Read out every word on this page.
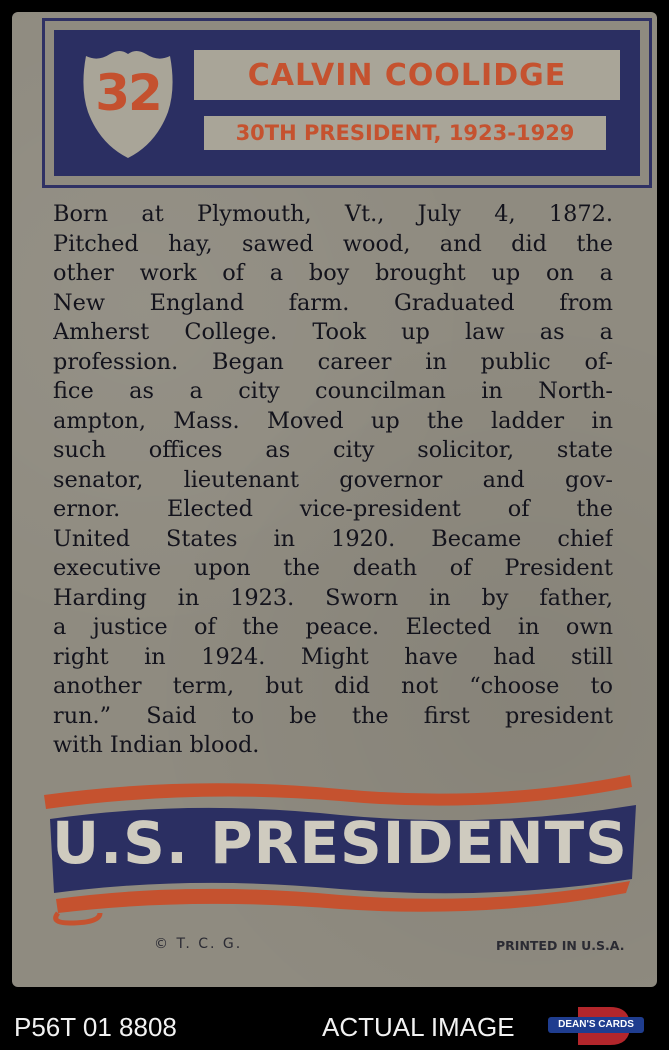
32	CALVIN COOLIDGE
30TH PRESIDENT, 1923-1929
Born at Plymouth, Vt., July 4, 1872.
Pitched hay, sawed wood, and did the
other work of a boy brought up on a
New England farm. Graduated from
Amherst College. Took up law as a
profession. Began career in public of-
fice as a city councilman in North-
ampton, Mass. Moved up the ladder in
such offices as city solicitor, state
senator, lieutenant governor and gov-
ernor. Elected vice-president of the
United States in 1920. Became chief
executive upon the death of President
Harding in 1923. Sworn in by father,
a justice of the peace. Elected in own
right in 1924. Might have had still
another term, but did not “choose to
run.” Said to be the first president
with Indian blood.
U.S. PRESIDENTS
© T. C. G.	PRINTED IN U.S.A.
P56T 01 8808	ACTUAL IMAGE	DEAN'S CARDS
